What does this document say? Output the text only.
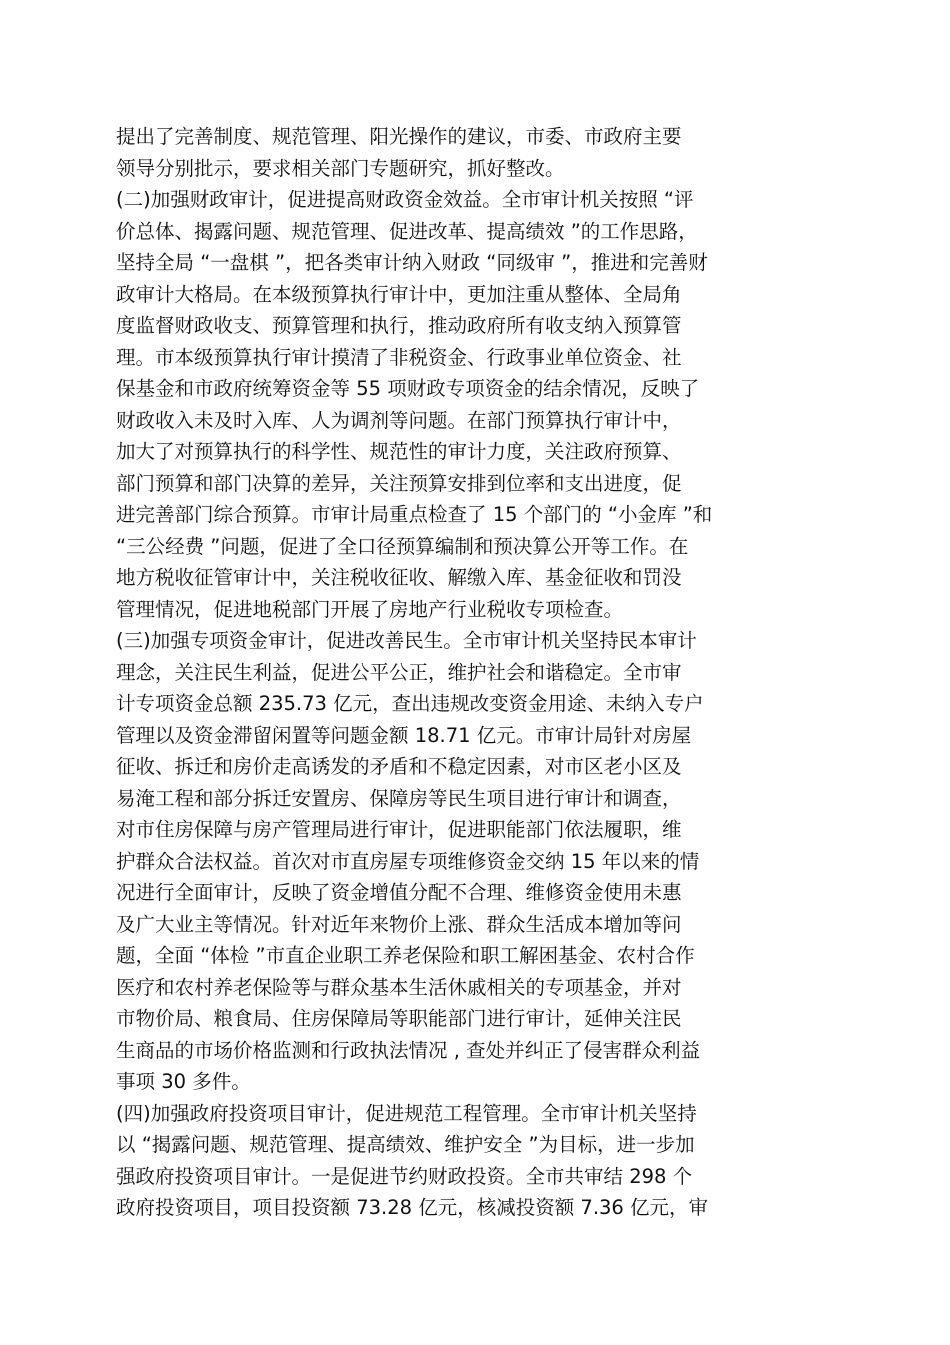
提出了完善制度、规范管理、阳光操作的建议，市委、市政府主要
领导分别批示，要求相关部门专题研究，抓好整改。
(二)加强财政审计，促进提高财政资金效益。全市审计机关按照 “评
价总体、揭露问题、规范管理、促进改革、提高绩效 ”的工作思路，
坚持全局 “一盘棋 ”，把各类审计纳入财政 “同级审 ”，推进和完善财
政审计大格局。在本级预算执行审计中，更加注重从整体、全局角
度监督财政收支、预算管理和执行，推动政府所有收支纳入预算管
理。市本级预算执行审计摸清了非税资金、行政事业单位资金、社
保基金和市政府统筹资金等 55 项财政专项资金的结余情况，反映了
财政收入未及时入库、人为调剂等问题。在部门预算执行审计中，
加大了对预算执行的科学性、规范性的审计力度，关注政府预算、
部门预算和部门决算的差异，关注预算安排到位率和支出进度，促
进完善部门综合预算。市审计局重点检查了 15 个部门的 “小金库 ”和
“三公经费 ”问题，促进了全口径预算编制和预决算公开等工作。在
地方税收征管审计中，关注税收征收、解缴入库、基金征收和罚没
管理情况，促进地税部门开展了房地产行业税收专项检查。
(三)加强专项资金审计，促进改善民生。全市审计机关坚持民本审计
理念，关注民生利益，促进公平公正，维护社会和谐稳定。全市审
计专项资金总额 235.73 亿元，查出违规改变资金用途、未纳入专户
管理以及资金滞留闲置等问题金额 18.71 亿元。市审计局针对房屋
征收、拆迁和房价走高诱发的矛盾和不稳定因素，对市区老小区及
易淹工程和部分拆迁安置房、保障房等民生项目进行审计和调查，
对市住房保障与房产管理局进行审计，促进职能部门依法履职，维
护群众合法权益。首次对市直房屋专项维修资金交纳 15 年以来的情
况进行全面审计，反映了资金增值分配不合理、维修资金使用未惠
及广大业主等情况。针对近年来物价上涨、群众生活成本增加等问
题，全面 “体检 ”市直企业职工养老保险和职工解困基金、农村合作
医疗和农村养老保险等与群众基本生活休戚相关的专项基金，并对
市物价局、粮食局、住房保障局等职能部门进行审计，延伸关注民
生商品的市场价格监测和行政执法情况 , 查处并纠正了侵害群众利益
事项 30 多件。
(四)加强政府投资项目审计，促进规范工程管理。全市审计机关坚持
以 “揭露问题、规范管理、提高绩效、维护安全 ”为目标，进一步加
强政府投资项目审计。一是促进节约财政投资。全市共审结 298 个
政府投资项目，项目投资额 73.28 亿元，核减投资额 7.36 亿元，审
